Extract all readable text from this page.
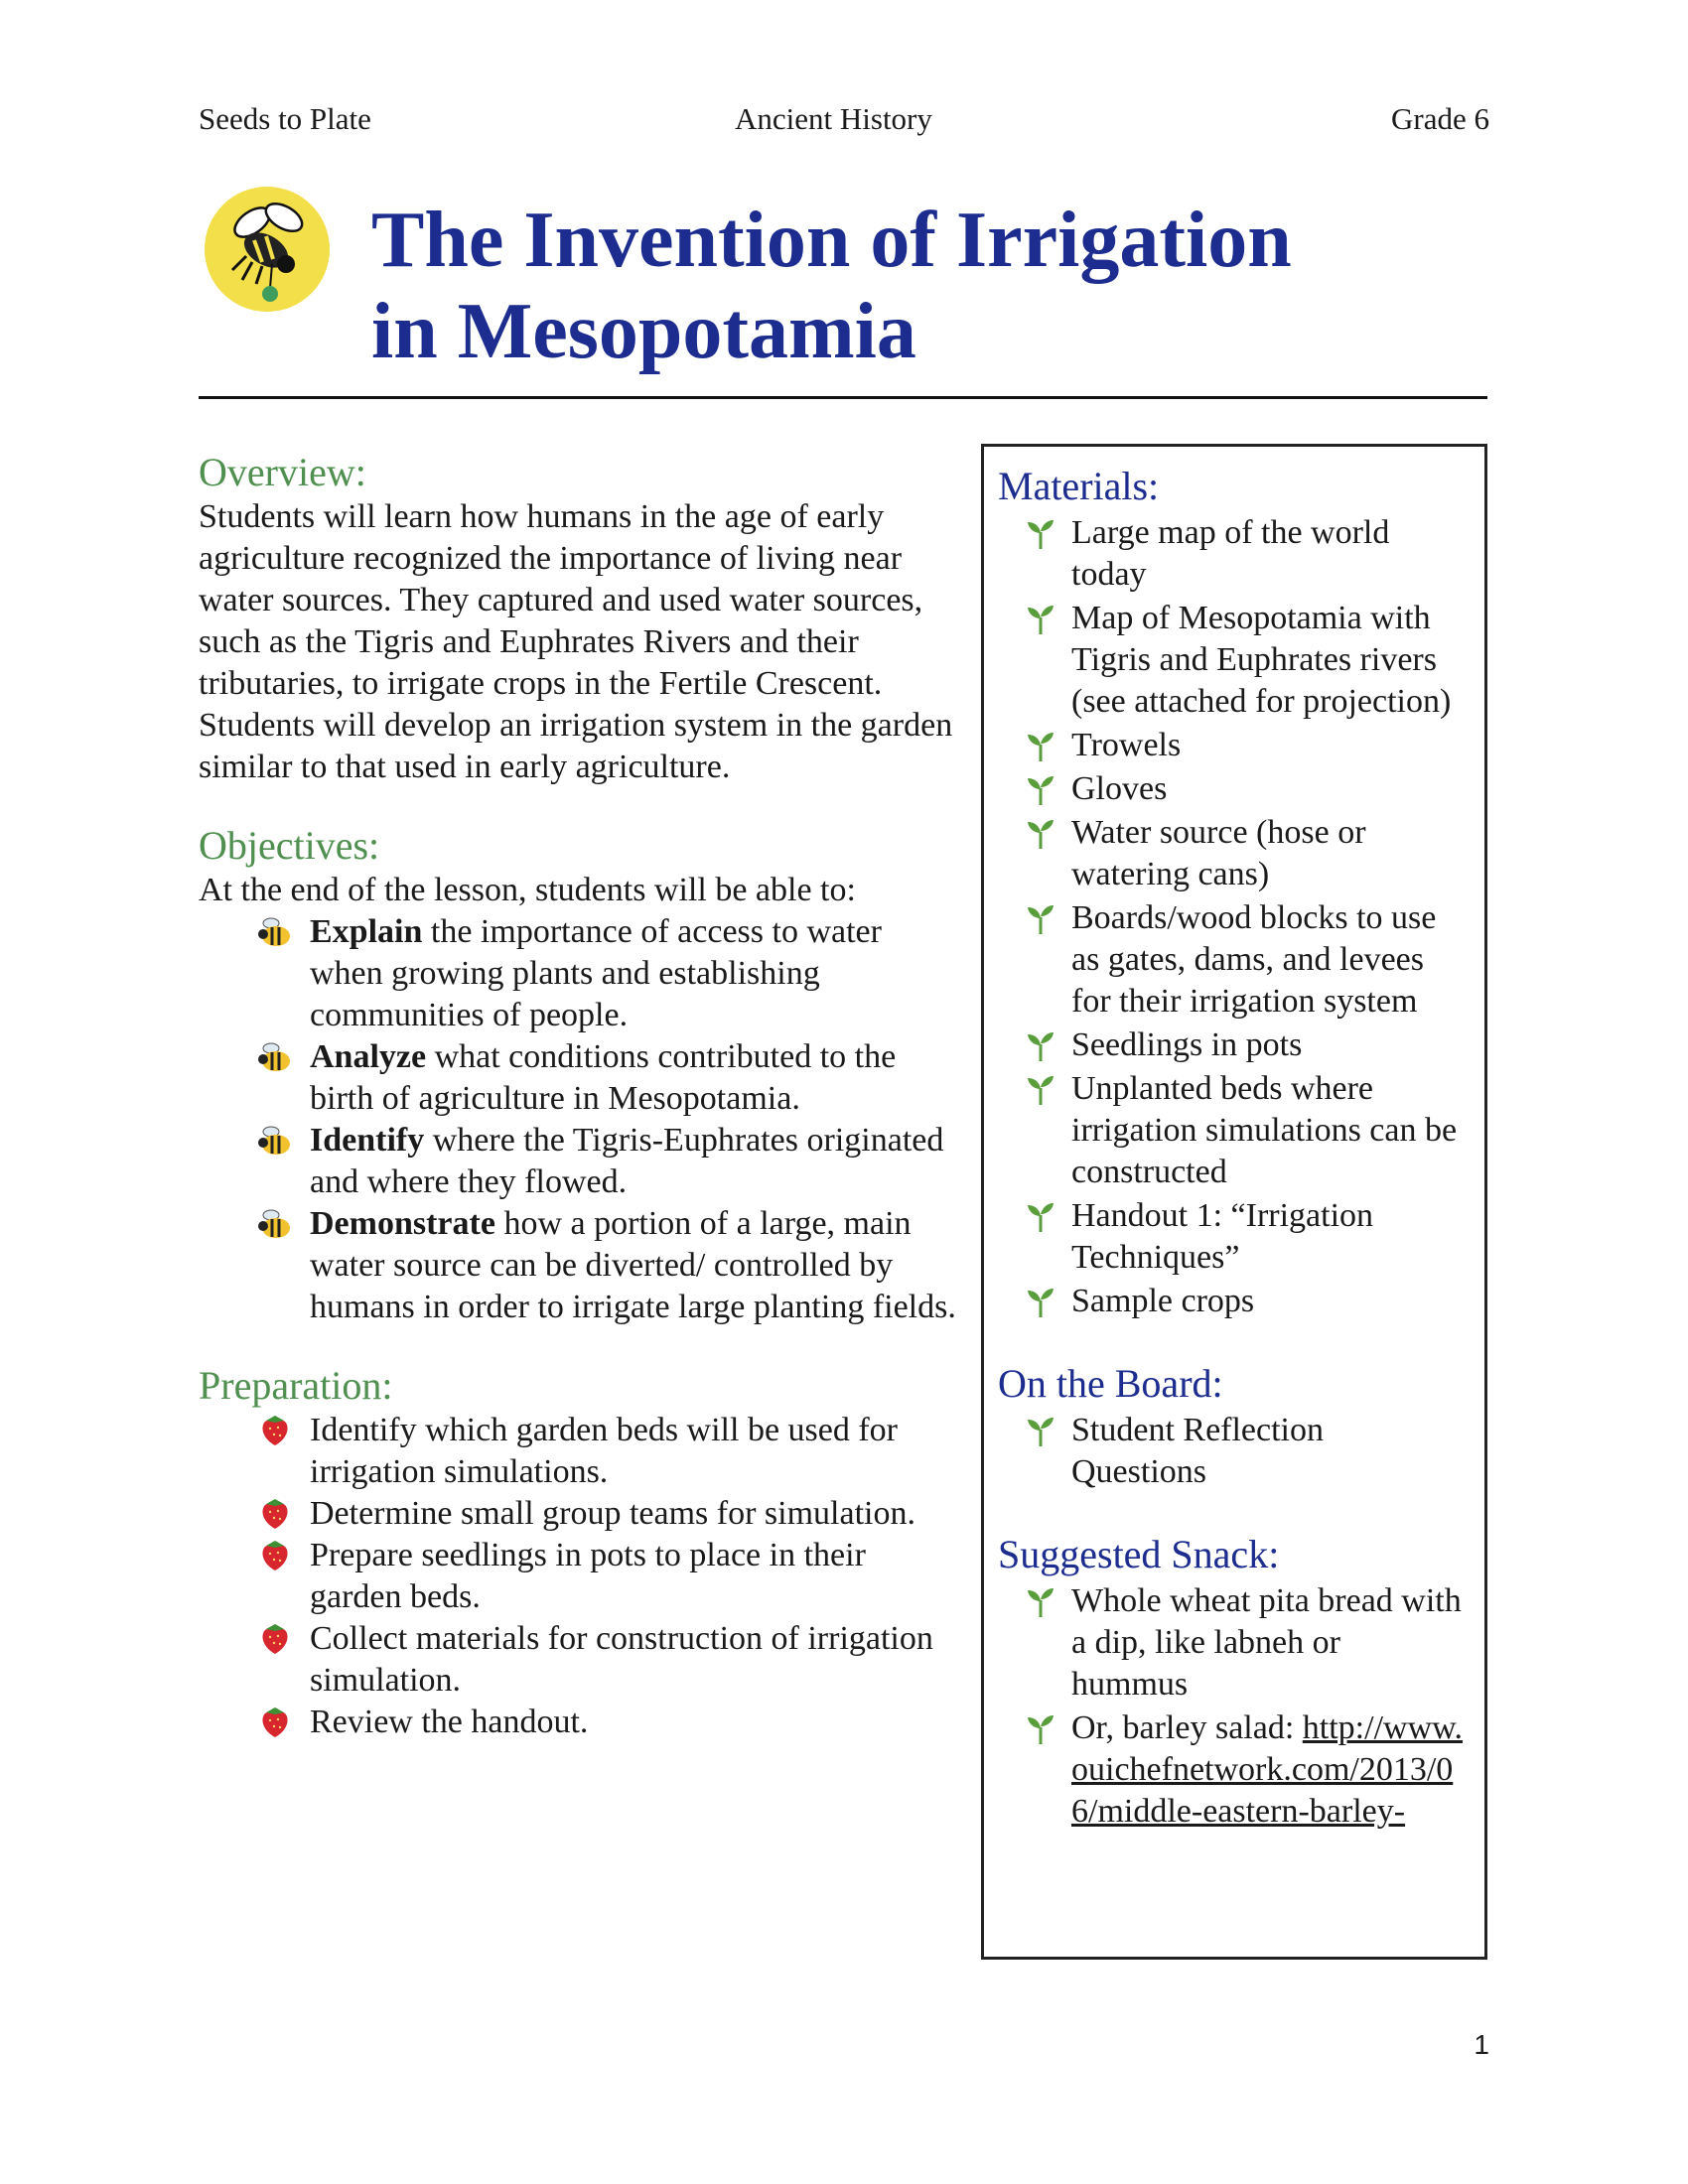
Seeds to Plate	Ancient History	Grade 6
The Invention of Irrigation
in Mesopotamia
Overview:

Students will learn how humans in the age of early agriculture recognized the importance of living near water sources. They captured and used water sources, such as the Tigris and Euphrates Rivers and their tributaries, to irrigate crops in the Fertile Crescent. Students will develop an irrigation system in the garden similar to that used in early agriculture.

Objectives:

At the end of the lesson, students will be able to:

Explain the importance of access to water when growing plants and establishing communities of people.
Analyze what conditions contributed to the birth of agriculture in Mesopotamia.
Identify where the Tigris-Euphrates originated and where they flowed.
Demonstrate how a portion of a large, main water source can be diverted/ controlled by humans in order to irrigate large planting fields.
Preparation:
Identify which garden beds will be used for irrigation simulations.
Determine small group teams for simulation.
Prepare seedlings in pots to place in their garden beds.
Collect materials for construction of irrigation simulation.
Review the handout.
Materials:
Large map of the world today
Map of Mesopotamia with Tigris and Euphrates rivers (see attached for projection)
Trowels
Gloves
Water source (hose or watering cans)
Boards/wood blocks to use as gates, dams, and levees for their irrigation system
Seedlings in pots
Unplanted beds where irrigation simulations can be constructed
Handout 1: “Irrigation Techniques”
Sample crops
On the Board:
Student Reflection Questions
Suggested Snack:
Whole wheat pita bread with a dip, like labneh or hummus
Or, barley salad: http://www.ouichefnetwork.com/2013/06/middle-eastern-barley-
1
